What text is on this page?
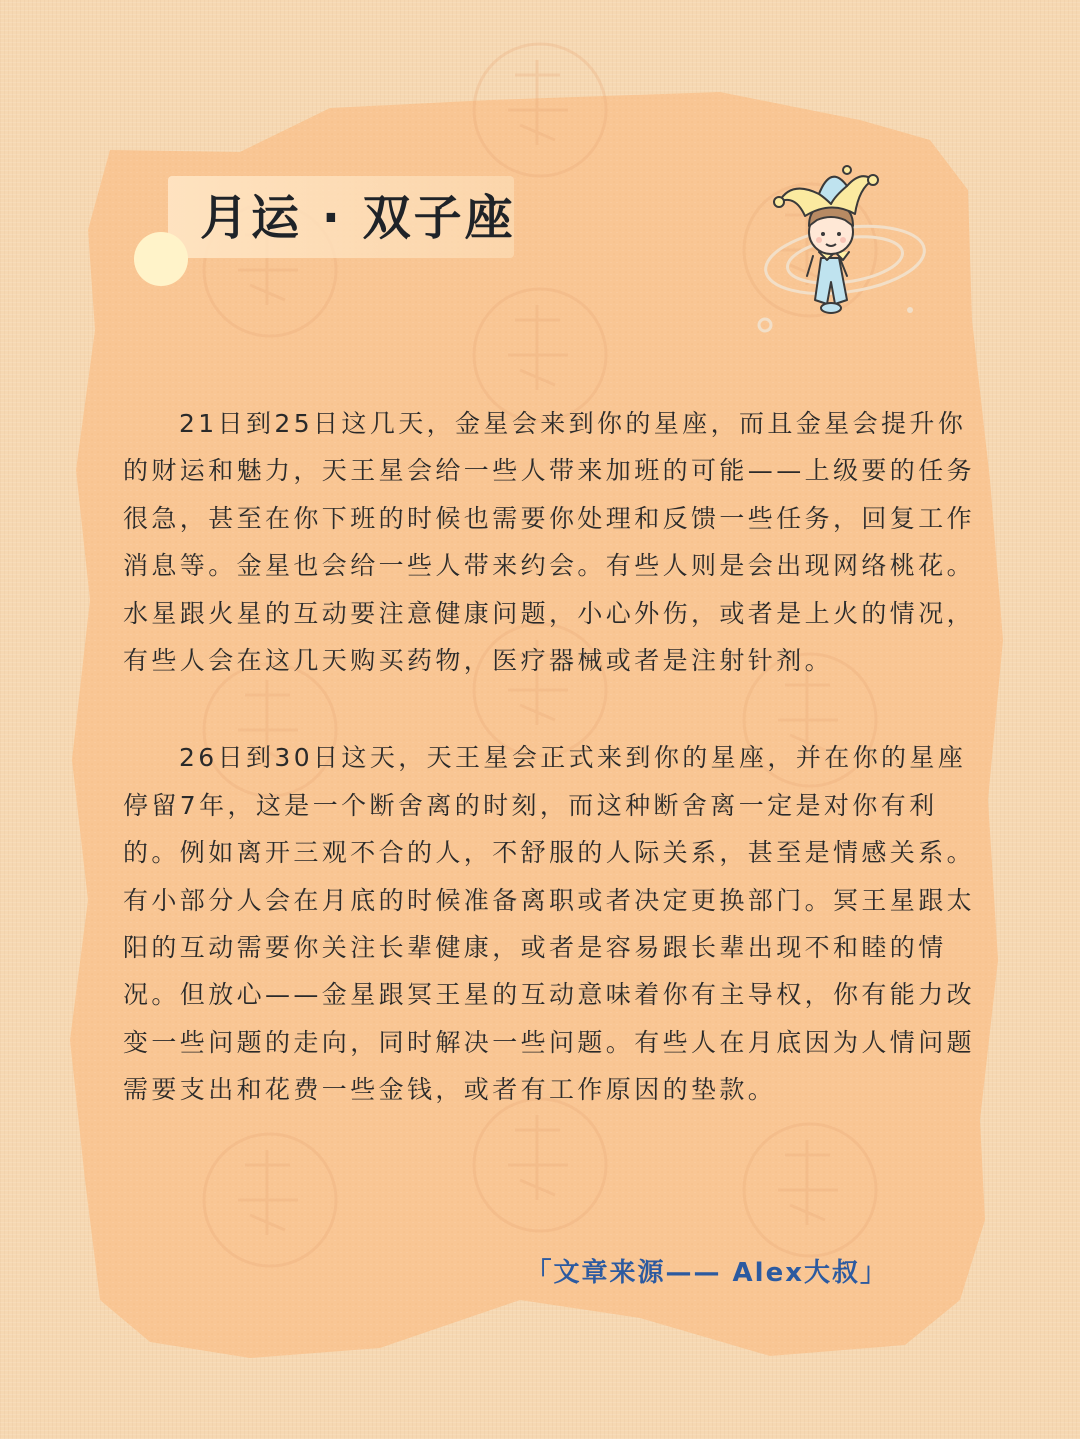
月运 · 双子座

21日到25日这几天，金星会来到你的星座，而且金星会提升你的财运和魅力，天王星会给一些人带来加班的可能——上级要的任务很急，甚至在你下班的时候也需要你处理和反馈一些任务，回复工作消息等。金星也会给一些人带来约会。有些人则是会出现网络桃花。水星跟火星的互动要注意健康问题，小心外伤，或者是上火的情况，有些人会在这几天购买药物，医疗器械或者是注射针剂。

26日到30日这天，天王星会正式来到你的星座，并在你的星座停留7年，这是一个断舍离的时刻，而这种断舍离一定是对你有利的。例如离开三观不合的人，不舒服的人际关系，甚至是情感关系。有小部分人会在月底的时候准备离职或者决定更换部门。冥王星跟太阳的互动需要你关注长辈健康，或者是容易跟长辈出现不和睦的情况。但放心——金星跟冥王星的互动意味着你有主导权，你有能力改变一些问题的走向，同时解决一些问题。有些人在月底因为人情问题需要支出和花费一些金钱，或者有工作原因的垫款。

「文章来源—— Alex大叔」
